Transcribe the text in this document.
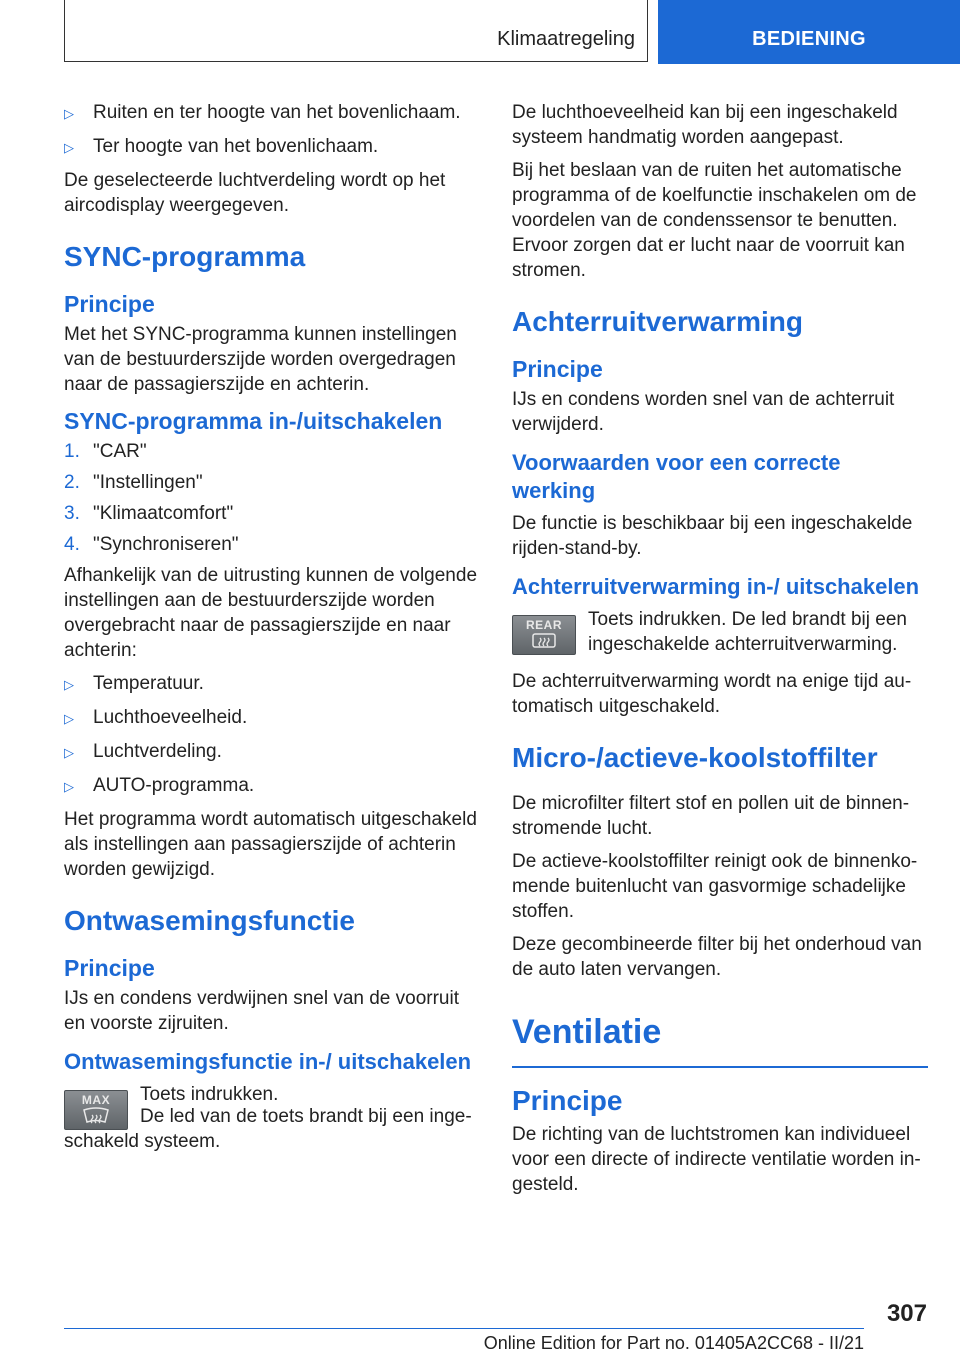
Klimaatregeling	BEDIENING
▷	Ruiten en ter hoogte van het bovenlichaam.
▷	Ter hoogte van het bovenlichaam.

De geselecteerde luchtverdeling wordt op het aircodisplay weergegeven.

SYNC-programma
Principe

Met het SYNC-programma kunnen instellingen van de bestuurderszijde worden overgedragen naar de passagierszijde en achterin.

SYNC-programma in-/uitschakelen
1. "CAR"
2. "Instellingen"
3. "Klimaatcomfort"
4. "Synchroniseren"

Afhankelijk van de uitrusting kunnen de volgende instellingen aan de bestuurderszijde worden overgebracht naar de passagierszijde en naar achterin:

▷	Temperatuur.
▷	Luchthoeveelheid.
▷	Luchtverdeling.
▷	AUTO-programma.

Het programma wordt automatisch uitgeschakeld als instellingen aan passagierszijde of achterin worden gewijzigd.

Ontwasemingsfunctie
Principe

IJs en condens verdwijnen snel van de voorruit en voorste zijruiten.

Ontwasemingsfunctie in-/ uitschakelen
MAX Toets indrukken.

De led van de toets brandt bij een ingeschakeld systeem.

De luchthoeveelheid kan bij een ingeschakeld systeem handmatig worden aangepast.

Bij het beslaan van de ruiten het automatische programma of de koelfunctie inschakelen om de voordelen van de condenssensor te benutten. Ervoor zorgen dat er lucht naar de voorruit kan stromen.

Achterruitverwarming
Principe

IJs en condens worden snel van de achterruit verwijderd.

Voorwaarden voor een correcte werking

De functie is beschikbaar bij een ingeschakelde rijden-stand-by.

Achterruitverwarming in-/ uitschakelen
REAR Toets indrukken. De led brandt bij een ingeschakelde achterruitverwarming.

De achterruitverwarming wordt na enige tijd automatisch uitgeschakeld.

Micro-/actieve-koolstoffilter

De microfilter filtert stof en pollen uit de binnenstromende lucht.

De actieve-koolstoffilter reinigt ook de binnenkomende buitenlucht van gasvormige schadelijke stoffen.

Deze gecombineerde filter bij het onderhoud van de auto laten vervangen.

Ventilatie
Principe

De richting van de luchtstromen kan individueel voor een directe of indirecte ventilatie worden ingesteld.

307
Online Edition for Part no. 01405A2CC68 - II/21
